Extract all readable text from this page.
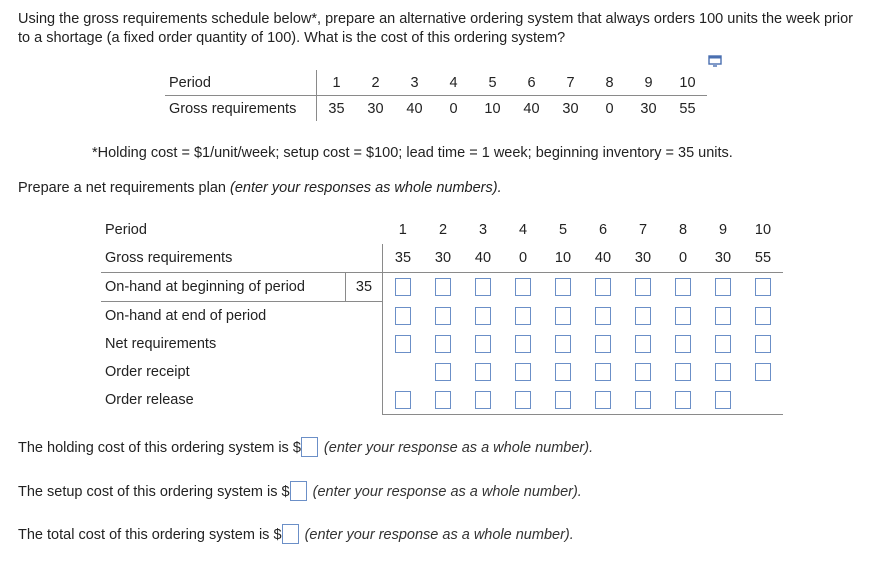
Using the gross requirements schedule below*, prepare an alternative ordering system that always orders 100 units the week prior to a shortage (a fixed order quantity of 100). What is the cost of this ordering system?
Period	1	2	3	4	5	6	7	8	9	10
Gross requirements	35	30	40	0	10	40	30	0	30	55
*Holding cost = $1/unit/week; setup cost = $100; lead time = 1 week; beginning inventory = 35 units.
Prepare a net requirements plan (enter your responses as whole numbers).
Period		1	2	3	4	5	6	7	8	9	10
Gross requirements		35	30	40	0	10	40	30	0	30	55
On-hand at beginning of period	35										
On-hand at end of period											
Net requirements											
Order receipt											
Order release											
The holding cost of this ordering system is $ (enter your response as a whole number).
The setup cost of this ordering system is $ (enter your response as a whole number).
The total cost of this ordering system is $ (enter your response as a whole number).
